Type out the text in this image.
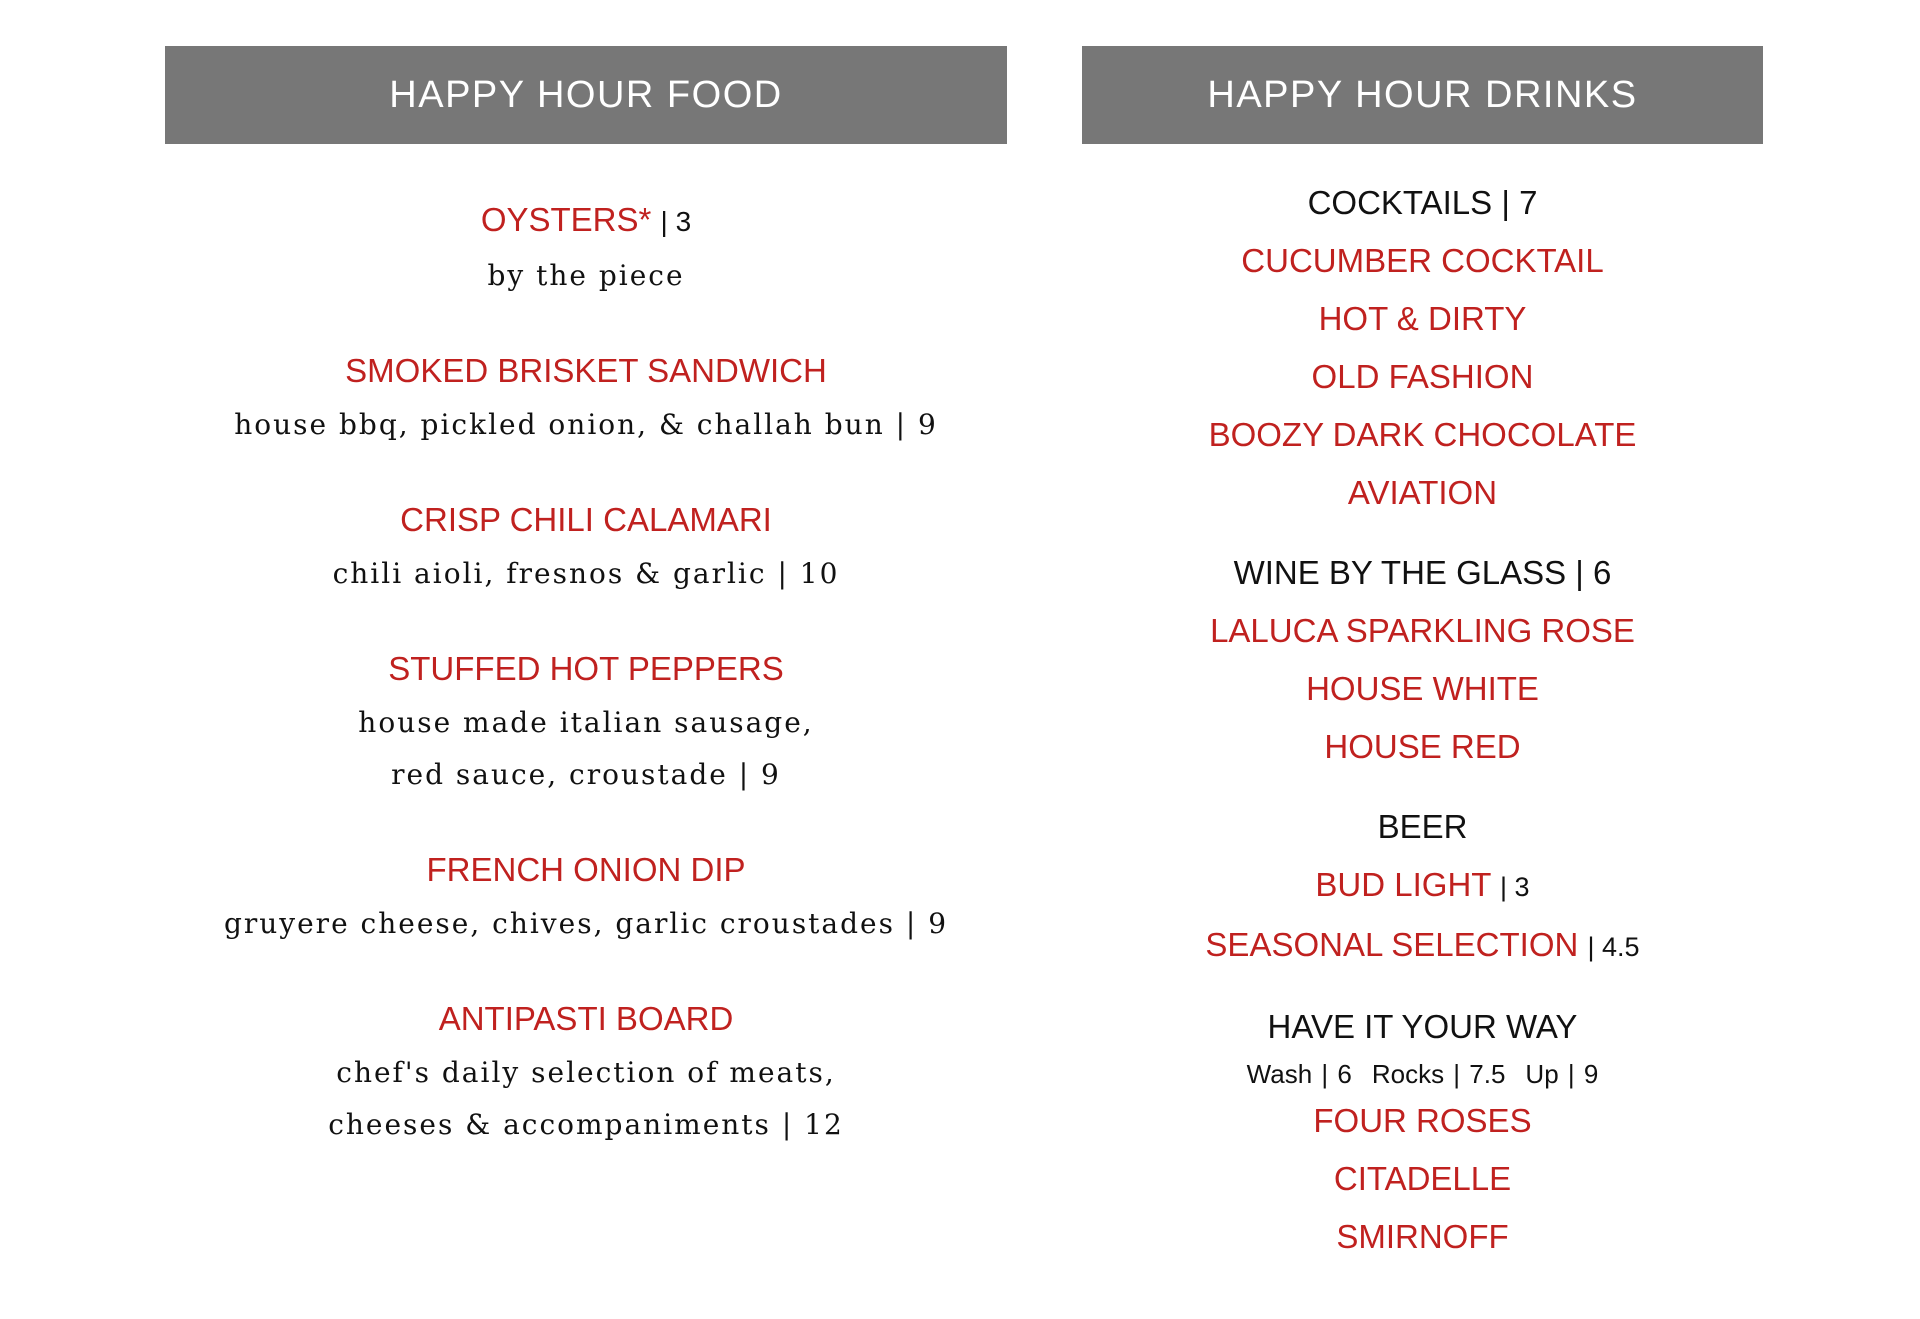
HAPPY HOUR FOOD
OYSTERS* | 3
by the piece
SMOKED BRISKET SANDWICH
house bbq, pickled onion, & challah bun | 9
CRISP CHILI CALAMARI
chili aioli, fresnos & garlic | 10
STUFFED HOT PEPPERS
house made italian sausage,
red sauce, croustade | 9
FRENCH ONION DIP
gruyere cheese, chives, garlic croustades | 9
ANTIPASTI BOARD
chef's daily selection of meats,
cheeses & accompaniments | 12
HAPPY HOUR DRINKS
COCKTAILS | 7
CUCUMBER COCKTAIL
HOT & DIRTY
OLD FASHION
BOOZY DARK CHOCOLATE
AVIATION
WINE BY THE GLASS | 6
LALUCA SPARKLING ROSE
HOUSE WHITE
HOUSE RED
BEER
BUD LIGHT | 3
SEASONAL SELECTION | 4.5
HAVE IT YOUR WAY
Wash | 6 Rocks | 7.5 Up | 9
FOUR ROSES
CITADELLE
SMIRNOFF
